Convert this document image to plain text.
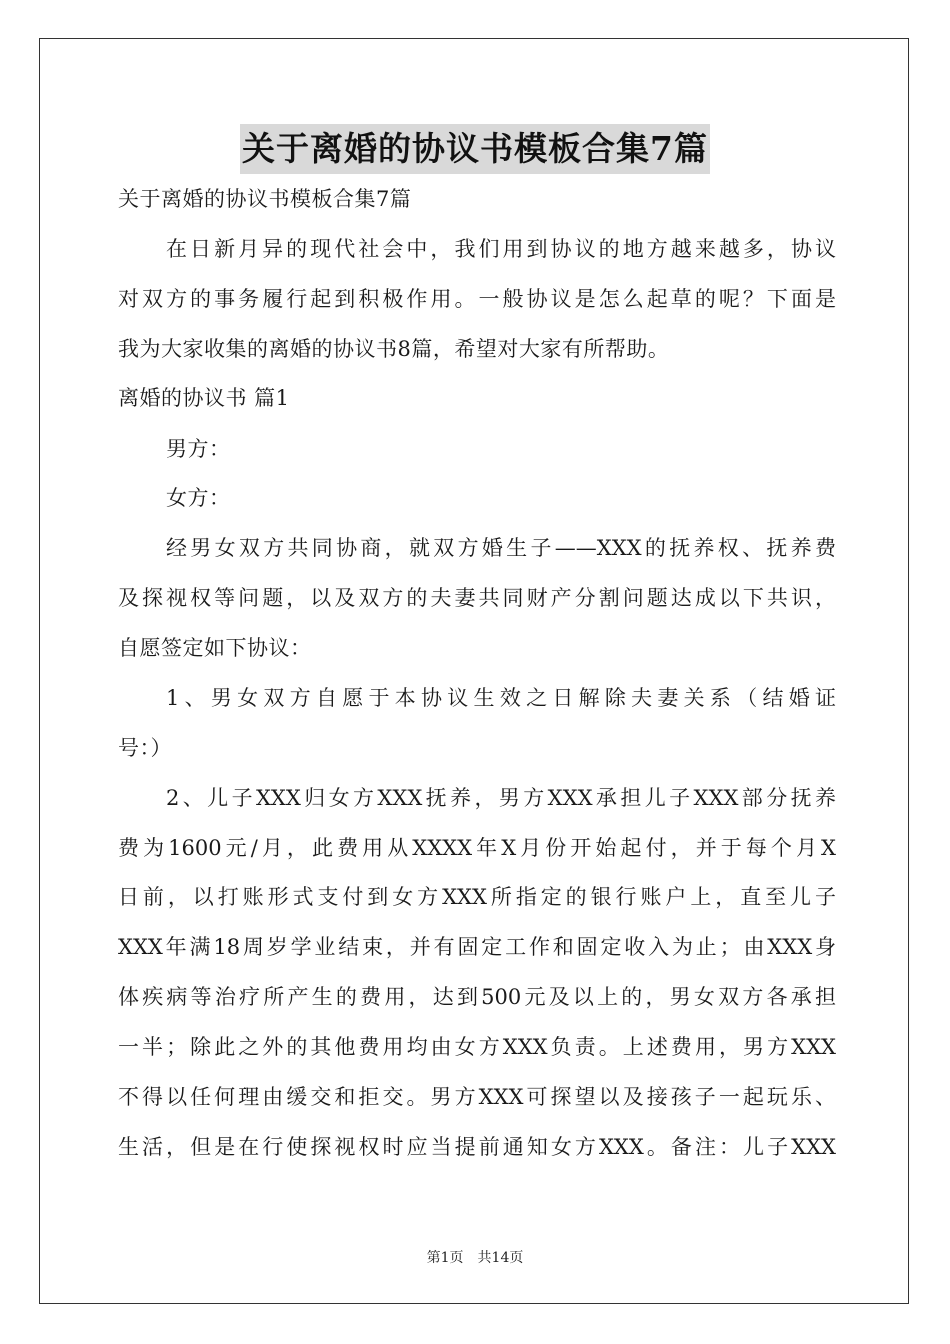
关于离婚的协议书模板合集7篇
关于离婚的协议书模板合集7篇
在日新月异的现代社会中，我们用到协议的地方越来越多，协议
对双方的事务履行起到积极作用。一般协议是怎么起草的呢？下面是
我为大家收集的离婚的协议书8篇，希望对大家有所帮助。
离婚的协议书 篇1
男方：
女方：
经男女双方共同协商，就双方婚生子——XXX的抚养权、抚养费
及探视权等问题，以及双方的夫妻共同财产分割问题达成以下共识，
自愿签定如下协议：
1、男女双方自愿于本协议生效之日解除夫妻关系（结婚证
号：）
2、儿子XXX归女方XXX抚养，男方XXX承担儿子XXX部分抚养
费为1600元/月，此费用从XXXX年X月份开始起付，并于每个月X
日前，以打账形式支付到女方XXX所指定的银行账户上，直至儿子
XXX年满18周岁学业结束，并有固定工作和固定收入为止；由XXX身
体疾病等治疗所产生的费用，达到500元及以上的，男女双方各承担
一半；除此之外的其他费用均由女方XXX负责。上述费用，男方XXX
不得以任何理由缓交和拒交。男方XXX可探望以及接孩子一起玩乐、
生活，但是在行使探视权时应当提前通知女方XXX。备注：儿子XXX
第1页 共14页
